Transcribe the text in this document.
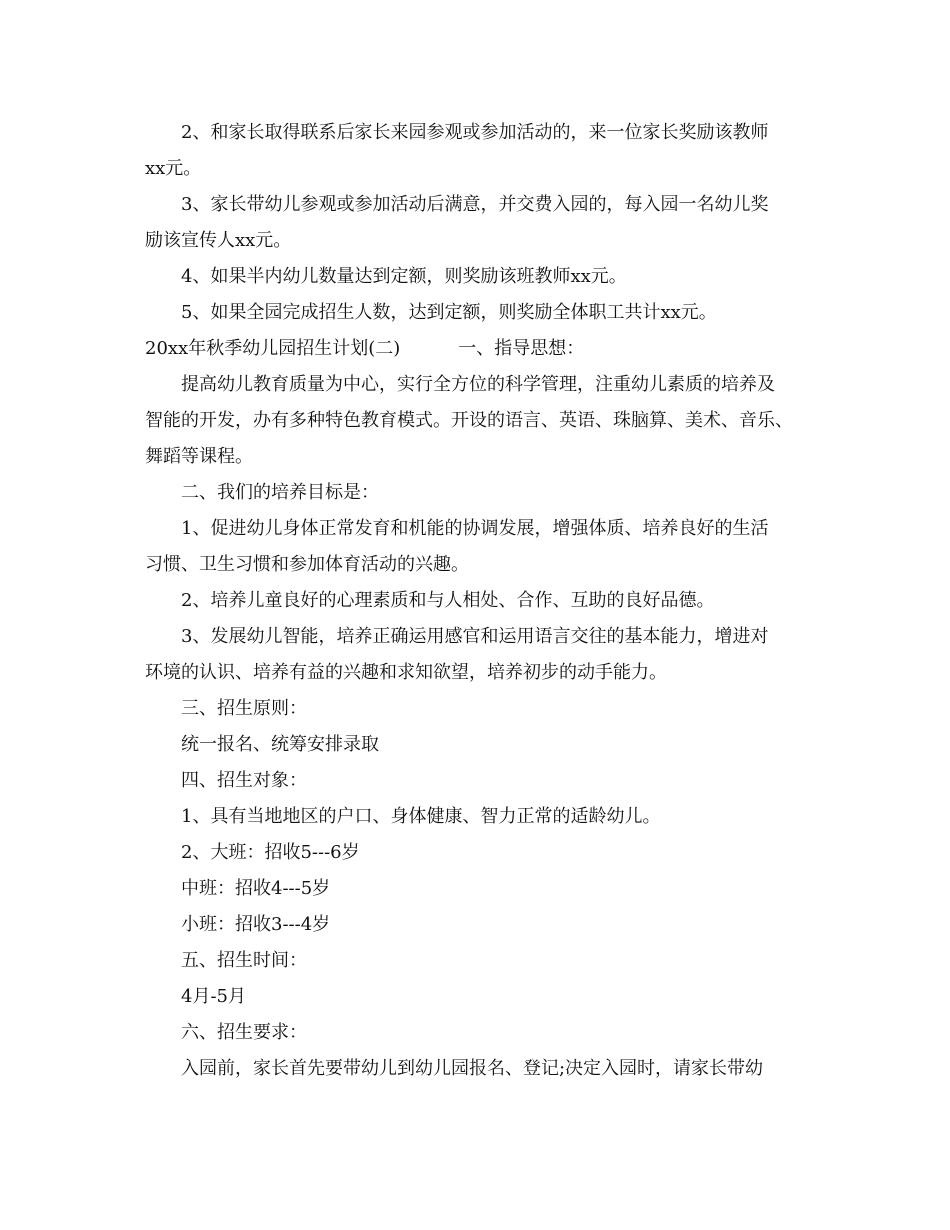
2、和家长取得联系后家长来园参观或参加活动的，来一位家长奖励该教师

xx元。

3、家长带幼儿参观或参加活动后满意，并交费入园的，每入园一名幼儿奖

励该宣传人xx元。

4、如果半内幼儿数量达到定额，则奖励该班教师xx元。

5、如果全园完成招生人数，达到定额，则奖励全体职工共计xx元。

20xx年秋季幼儿园招生计划(二)	一、指导思想：

提高幼儿教育质量为中心，实行全方位的科学管理，注重幼儿素质的培养及

智能的开发，办有多种特色教育模式。开设的语言、英语、珠脑算、美术、音乐、

舞蹈等课程。

二、我们的培养目标是：

1、促进幼儿身体正常发育和机能的协调发展，增强体质、培养良好的生活

习惯、卫生习惯和参加体育活动的兴趣。

2、培养儿童良好的心理素质和与人相处、合作、互助的良好品德。

3、发展幼儿智能，培养正确运用感官和运用语言交往的基本能力，增进对

环境的认识、培养有益的兴趣和求知欲望，培养初步的动手能力。

三、招生原则：

统一报名、统筹安排录取

四、招生对象：

1、具有当地地区的户口、身体健康、智力正常的适龄幼儿。

2、大班：招收5---6岁

中班：招收4---5岁

小班：招收3---4岁

五、招生时间：

4月-5月

六、招生要求：

入园前，家长首先要带幼儿到幼儿园报名、登记;决定入园时，请家长带幼
